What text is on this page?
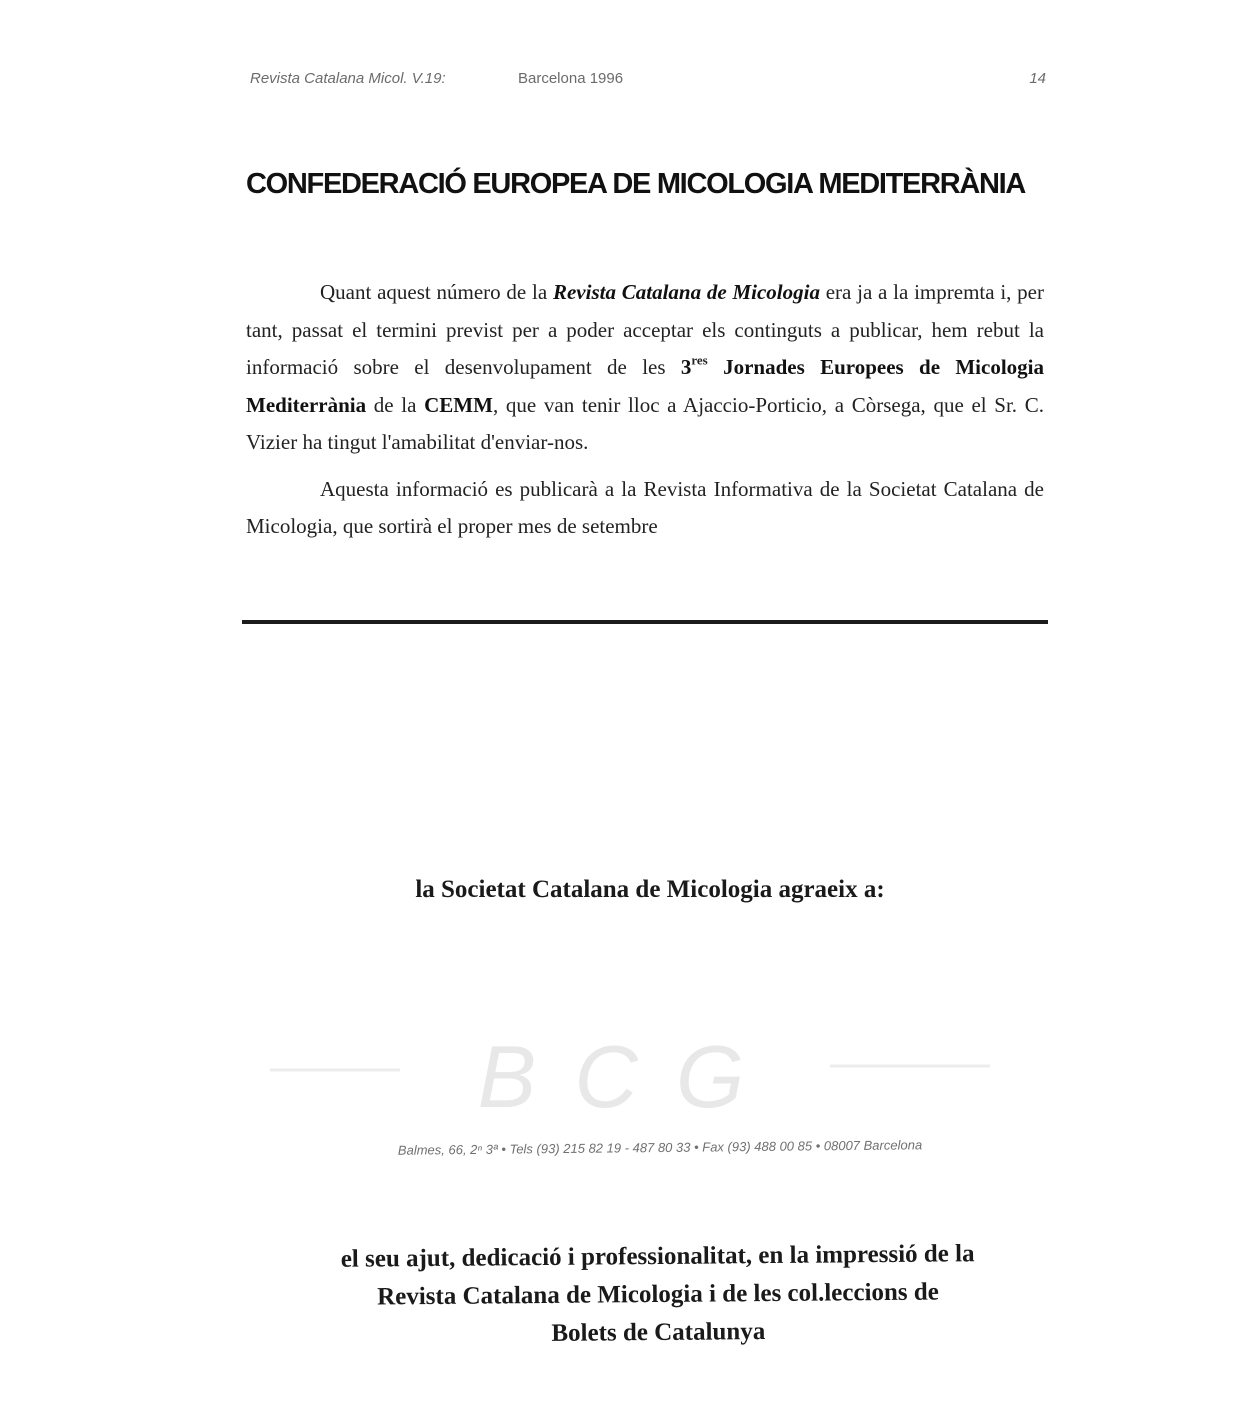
Revista Catalana Micol. V.19:	Barcelona 1996	14
CONFEDERACIÓ EUROPEA DE MICOLOGIA MEDITERRÀNIA

Quant aquest número de la Revista Catalana de Micologia era ja a la impremta i, per tant, passat el termini previst per a poder acceptar els continguts a publicar, hem rebut la informació sobre el desenvolupament de les 3res Jornades Europees de Micologia Mediterrània de la CEMM, que van tenir lloc a Ajaccio-Porticio, a Còrsega, que el Sr. C. Vizier ha tingut l'amabilitat d'enviar-nos.

Aquesta informació es publicarà a la Revista Informativa de la Societat Catalana de Micologia, que sortirà el proper mes de setembre

la Societat Catalana de Micologia agraeix a:
BCG
Balmes, 66, 2ⁿ 3ª • Tels (93) 215 82 19 - 487 80 33 • Fax (93) 488 00 85 • 08007 Barcelona
el seu ajut, dedicació i professionalitat, en la impressió de la
Revista Catalana de Micologia i de les col.leccions de
Bolets de Catalunya
